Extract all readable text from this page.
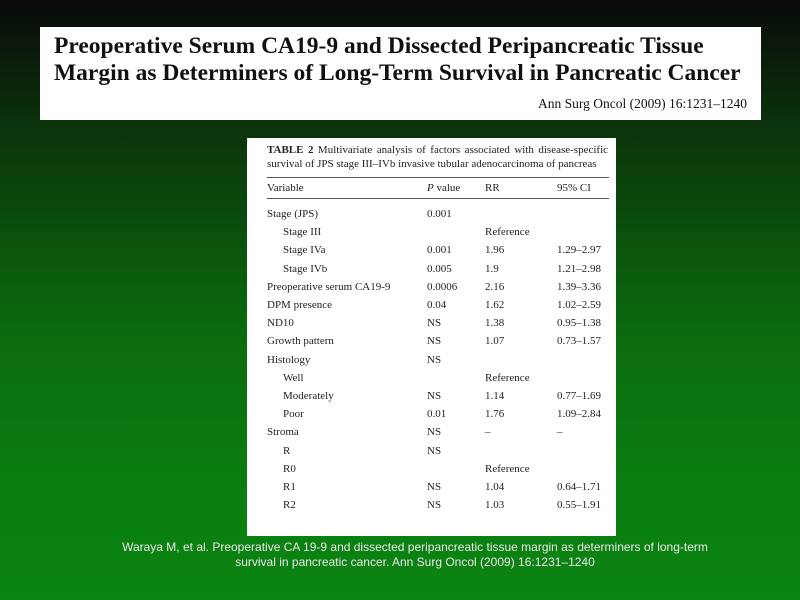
Preoperative Serum CA19-9 and Dissected Peripancreatic Tissue Margin as Determiners of Long-Term Survival in Pancreatic Cancer

Ann Surg Oncol (2009) 16:1231–1240

TABLE 2 Multivariate analysis of factors associated with disease-specific survival of JPS stage III–IVb invasive tubular adenocarcinoma of pancreas

Variable	P value	RR	95% CI
Stage (JPS)	0.001		
Stage III		Reference	
Stage IVa	0.001	1.96	1.29–2.97
Stage IVb	0.005	1.9	1.21–2.98
Preoperative serum CA19-9	0.0006	2.16	1.39–3.36
DPM presence	0.04	1.62	1.02–2.59
ND10	NS	1.38	0.95–1.38
Growth pattern	NS	1.07	0.73–1.57
Histology	NS		
Well		Reference	
Moderately	NS	1.14	0.77–1.69
Poor	0.01	1.76	1.09–2.84
Stroma	NS	–	–
R	NS		
R0		Reference	
R1	NS	1.04	0.64–1.71
R2	NS	1.03	0.55–1.91
Waraya M, et al. Preoperative CA 19-9 and dissected peripancreatic tissue margin as determiners of long-term
survival in pancreatic cancer. Ann Surg Oncol (2009) 16:1231–1240
